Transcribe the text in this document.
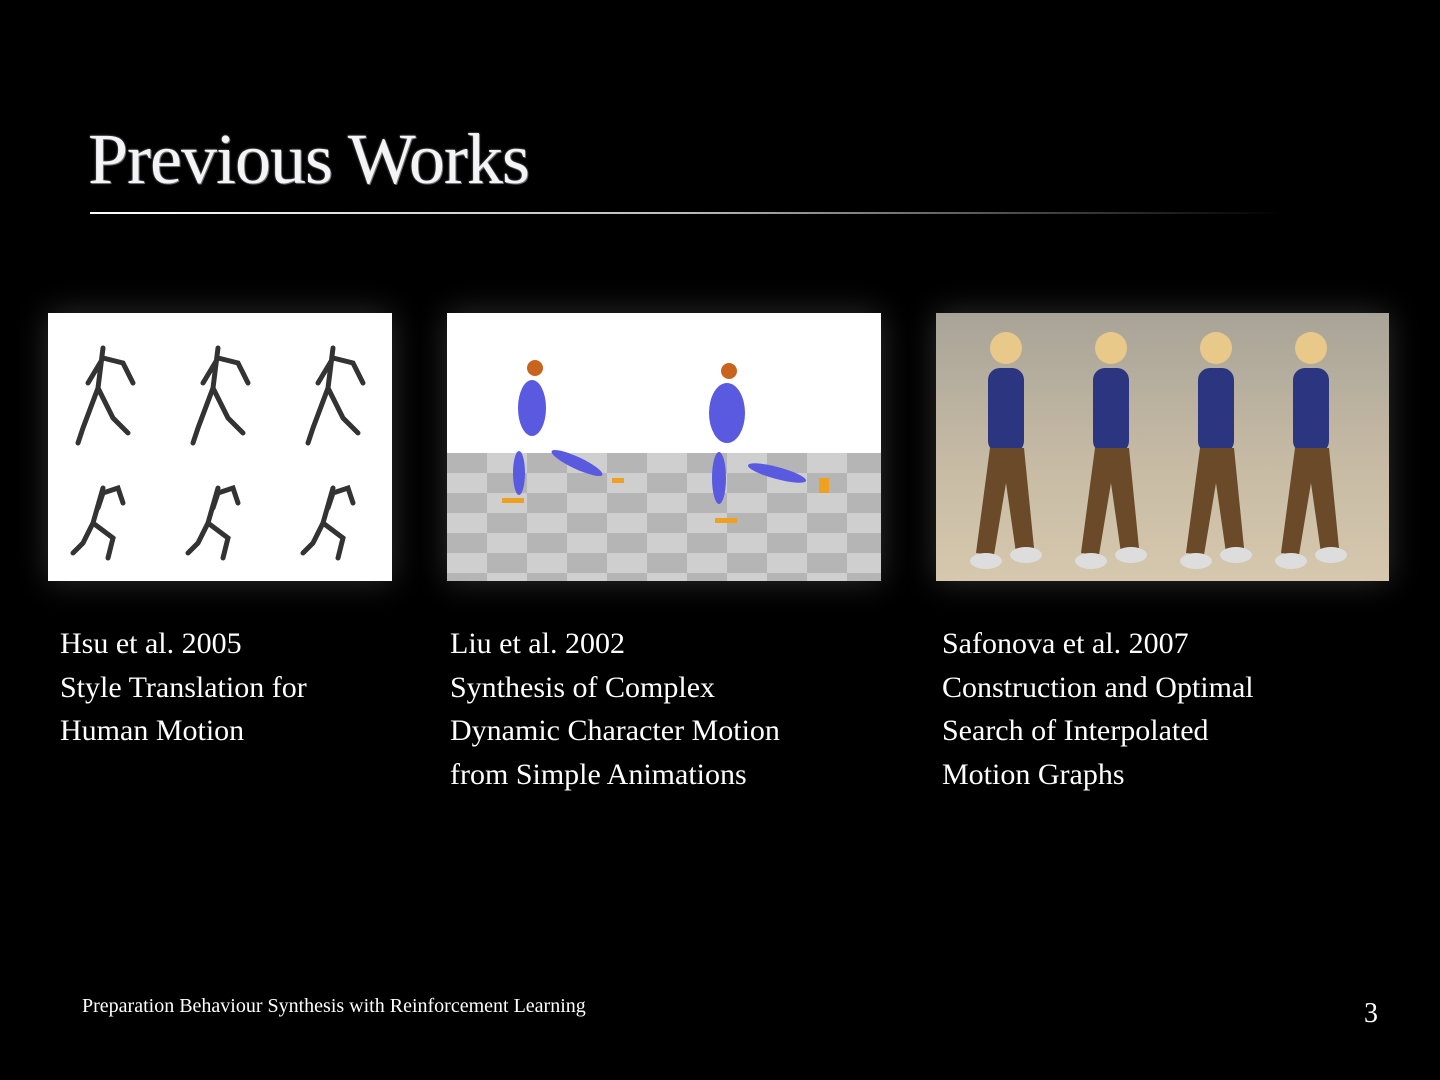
Previous Works
Hsu et al. 2005
Style Translation for
Human Motion
Liu et al. 2002
Synthesis of Complex
Dynamic Character Motion
from Simple Animations
Safonova et al. 2007
Construction and Optimal
Search of Interpolated
Motion Graphs
Preparation Behaviour Synthesis with Reinforcement Learning	3
